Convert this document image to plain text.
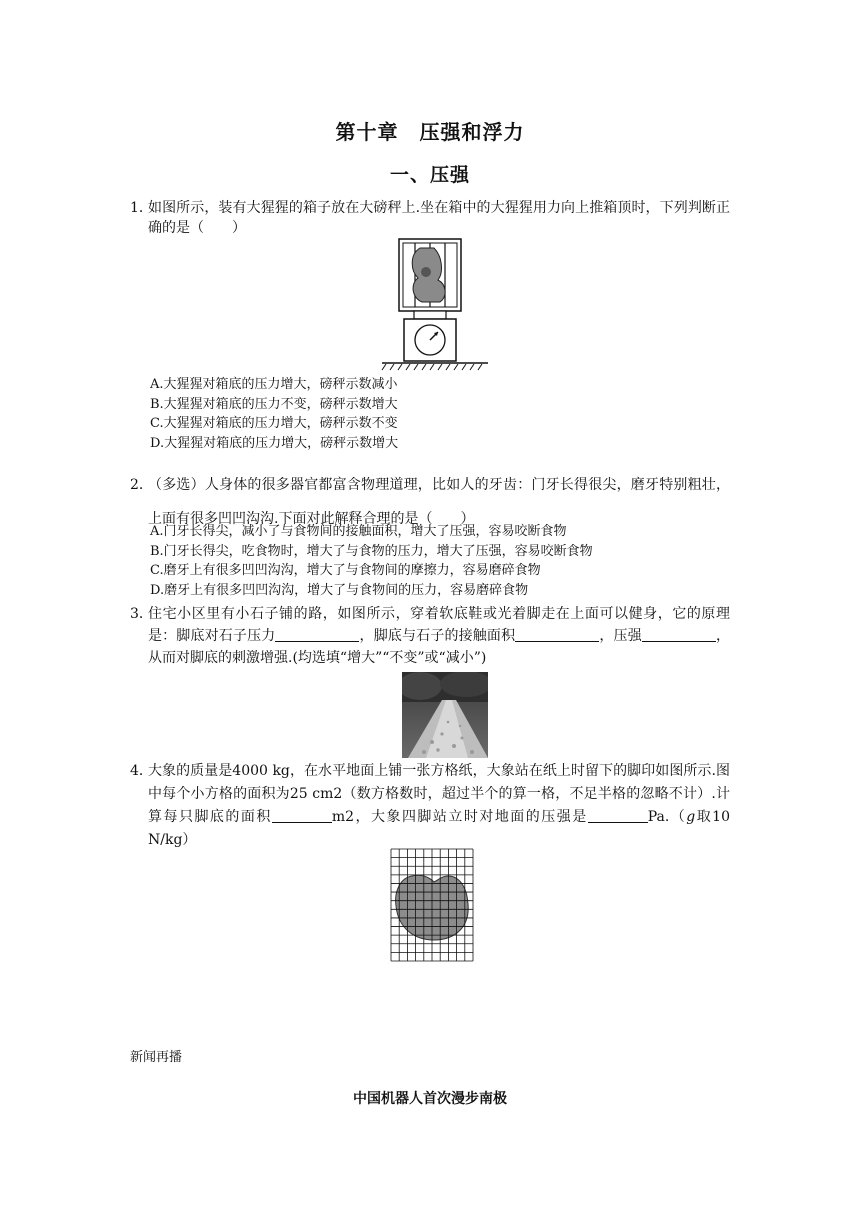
第十章　压强和浮力
一、压强
1．
如图所示，装有大猩猩的箱子放在大磅秤上.坐在箱中的大猩猩用力向上推箱顶时，下列判断正确的是（　　）
A.大猩猩对箱底的压力增大，磅秤示数减小
B.大猩猩对箱底的压力不变，磅秤示数增大
C.大猩猩对箱底的压力增大，磅秤示数不变
D.大猩猩对箱底的压力增大，磅秤示数增大
2．
（多选）人身体的很多器官都富含物理道理，比如人的牙齿：门牙长得很尖，磨牙特别粗壮，上面有很多凹凹沟沟.下面对此解释合理的是（　　）
A.门牙长得尖，减小了与食物间的接触面积，增大了压强，容易咬断食物
B.门牙长得尖，吃食物时，增大了与食物的压力，增大了压强，容易咬断食物
C.磨牙上有很多凹凹沟沟，增大了与食物间的摩擦力，容易磨碎食物
D.磨牙上有很多凹凹沟沟，增大了与食物间的压力，容易磨碎食物
3．
住宅小区里有小石子铺的路，如图所示，穿着软底鞋或光着脚走在上面可以健身，它的原理是：脚底对石子压力	，脚底与石子的接触面积	，压强	，从而对脚底的刺激增强.(均选填“增大”“不变”或“减小”)
4．
大象的质量是4000 kg，在水平地面上铺一张方格纸，大象站在纸上时留下的脚印如图所示.图中每个小方格的面积为25 cm2（数方格数时，超过半个的算一格，不足半格的忽略不计）.计算每只脚底的面积	m2，大象四脚站立时对地面的压强是	Pa.（g取10 N/kg）
新闻再播
中国机器人首次漫步南极
